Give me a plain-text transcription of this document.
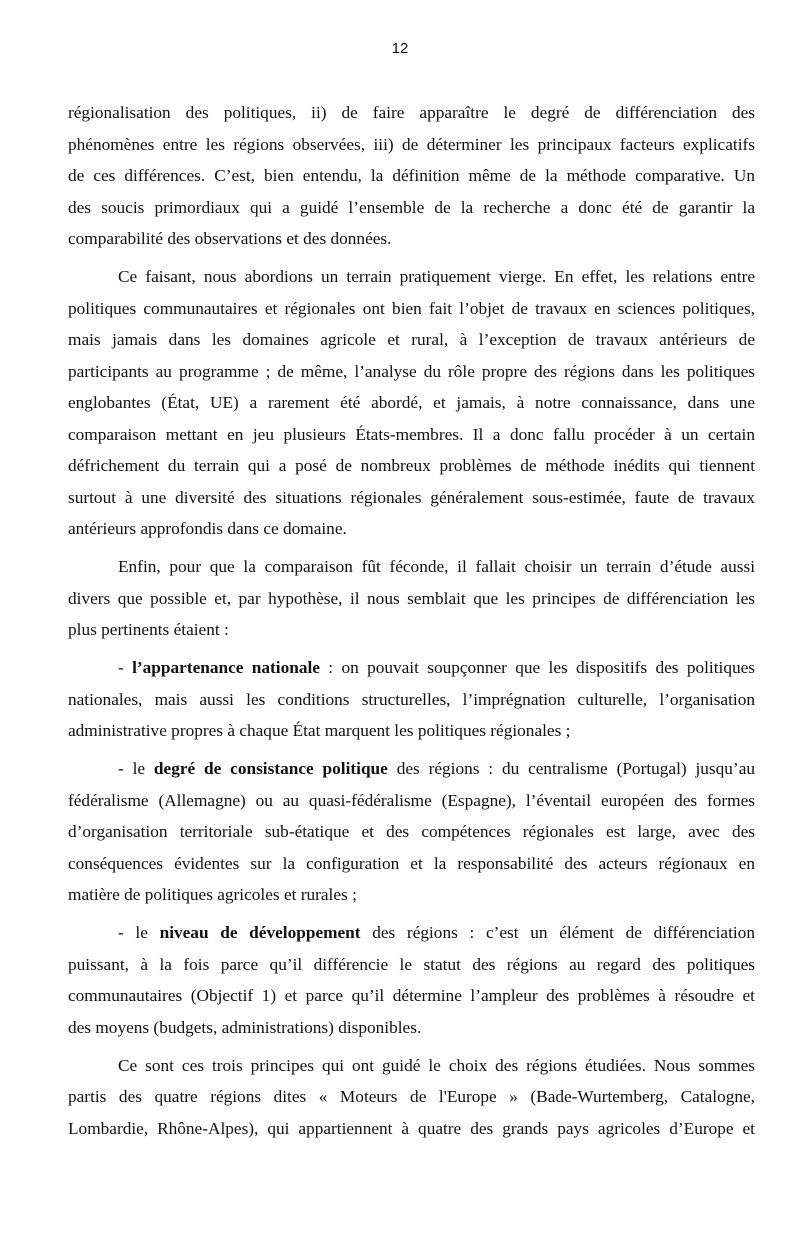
12
régionalisation des politiques, ii) de faire apparaître le degré de différenciation des
phénomènes entre les régions observées, iii) de déterminer les principaux facteurs explicatifs
de ces différences. C’est, bien entendu, la définition même de la méthode comparative. Un
des soucis primordiaux qui a guidé l’ensemble de la recherche a donc été de garantir la
comparabilité des observations et des données.
Ce faisant, nous abordions un terrain pratiquement vierge. En effet, les relations entre
politiques communautaires et régionales ont bien fait l’objet de travaux en sciences politiques,
mais jamais dans les domaines agricole et rural, à l’exception de travaux antérieurs de
participants au programme ; de même, l’analyse du rôle propre des régions dans les politiques
englobantes (État, UE) a rarement été abordé, et jamais, à notre connaissance, dans une
comparaison mettant en jeu plusieurs États-membres. Il a donc fallu procéder à un certain
défrichement du terrain qui a posé de nombreux problèmes de méthode inédits qui tiennent
surtout à une diversité des situations régionales généralement sous-estimée, faute de travaux
antérieurs approfondis dans ce domaine.
Enfin, pour que la comparaison fût féconde, il fallait choisir un terrain d’étude aussi
divers que possible et, par hypothèse, il nous semblait que les principes de différenciation les
plus pertinents étaient :
- l’appartenance nationale : on pouvait soupçonner que les dispositifs des politiques
nationales, mais aussi les conditions structurelles, l’imprégnation culturelle, l’organisation
administrative propres à chaque État marquent les politiques régionales ;
- le degré de consistance politique des régions : du centralisme (Portugal) jusqu’au
fédéralisme (Allemagne) ou au quasi-fédéralisme (Espagne), l’éventail européen des formes
d’organisation territoriale sub-étatique et des compétences régionales est large, avec des
conséquences évidentes sur la configuration et la responsabilité des acteurs régionaux en
matière de politiques agricoles et rurales ;
- le niveau de développement des régions : c’est un élément de différenciation
puissant, à la fois parce qu’il différencie le statut des régions au regard des politiques
communautaires (Objectif 1) et parce qu’il détermine l’ampleur des problèmes à résoudre et
des moyens (budgets, administrations) disponibles.
Ce sont ces trois principes qui ont guidé le choix des régions étudiées. Nous sommes
partis des quatre régions dites « Moteurs de l'Europe » (Bade-Wurtemberg, Catalogne,
Lombardie, Rhône-Alpes), qui appartiennent à quatre des grands pays agricoles d’Europe et
